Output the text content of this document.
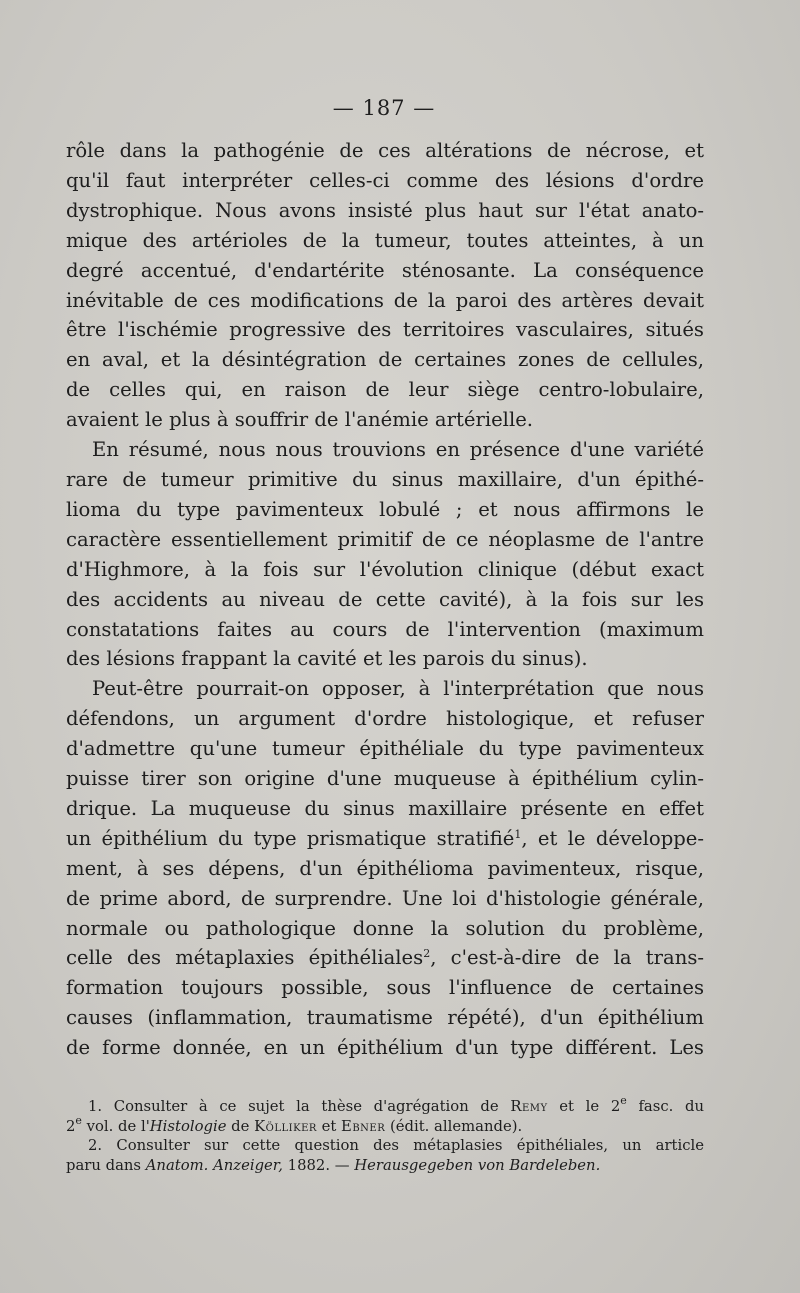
— 187 —
rôle dans la pathogénie de ces altérations de nécrose, et
qu'il faut interpréter celles-ci comme des lésions d'ordre
dystrophique. Nous avons insisté plus haut sur l'état anato-
mique des artérioles de la tumeur, toutes atteintes, à un
degré accentué, d'endartérite sténosante. La conséquence
inévitable de ces modifications de la paroi des artères devait
être l'ischémie progressive des territoires vasculaires, situés
en aval, et la désintégration de certaines zones de cellules,
de celles qui, en raison de leur siège centro-lobulaire,
avaient le plus à souffrir de l'anémie artérielle.
En résumé, nous nous trouvions en présence d'une variété
rare de tumeur primitive du sinus maxillaire, d'un épithé-
lioma du type pavimenteux lobulé ; et nous affirmons le
caractère essentiellement primitif de ce néoplasme de l'antre
d'Highmore, à la fois sur l'évolution clinique (début exact
des accidents au niveau de cette cavité), à la fois sur les
constatations faites au cours de l'intervention (maximum
des lésions frappant la cavité et les parois du sinus).
Peut-être pourrait-on opposer, à l'interprétation que nous
défendons, un argument d'ordre histologique, et refuser
d'admettre qu'une tumeur épithéliale du type pavimenteux
puisse tirer son origine d'une muqueuse à épithélium cylin-
drique. La muqueuse du sinus maxillaire présente en effet
un épithélium du type prismatique stratifié$^1$, et le développe-
ment, à ses dépens, d'un épithélioma pavimenteux, risque,
de prime abord, de surprendre. Une loi d'histologie générale,
normale ou pathologique donne la solution du problème,
celle des métaplaxies épithéliales$^2$, c'est-à-dire de la trans-
formation toujours possible, sous l'influence de certaines
causes (inflammation, traumatisme répété), d'un épithélium
de forme donnée, en un épithélium d'un type différent. Les
1. Consulter à ce sujet la thèse d'agrégation de Remy et le 2e fasc. du
2e vol. de l'Histologie de Kölliker et Ebner (édit. allemande).
2. Consulter sur cette question des métaplasies épithéliales, un article
paru dans Anatom. Anzeiger, 1882. — Herausgegeben von Bardeleben.
